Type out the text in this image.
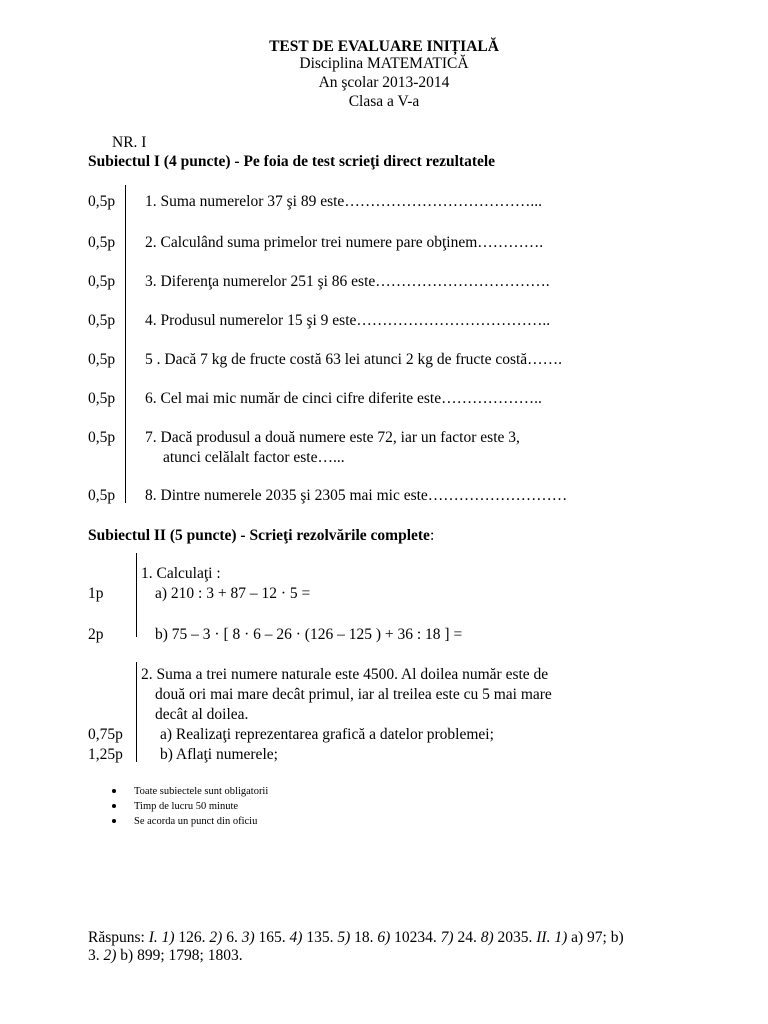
TEST DE EVALUARE INIȚIALĂ
Disciplina MATEMATICĂ
An şcolar 2013-2014
Clasa a V-a
NR. I
Subiectul I (4 puncte) - Pe foia de test scrieţi direct rezultatele
0,5p 1. Suma numerelor 37 şi 89 este………………………………...
0,5p 2. Calculând suma primelor trei numere pare obţinem………….
0,5p 3. Diferenţa numerelor 251 şi 86 este…………………………….
0,5p 4. Produsul numerelor 15 şi 9 este………………………………..
0,5p 5 . Dacă 7 kg de fructe costă 63 lei atunci 2 kg de fructe costă…….
0,5p 6. Cel mai mic număr de cinci cifre diferite este………………..
0,5p 7. Dacă produsul a două numere este 72, iar un factor este 3,
atunci celălalt factor este…...
0,5p 8. Dintre numerele 2035 şi 2305 mai mic este………………………
Subiectul II (5 puncte) - Scrieţi rezolvările complete:
1. Calculaţi :
1p	a) 210 : 3 + 87 – 12 · 5 =
2p	b) 75 – 3 · [ 8 · 6 – 26 · (126 – 125 ) + 36 : 18 ] =
2. Suma a trei numere naturale este 4500. Al doilea număr este de
două ori mai mare decât primul, iar al treilea este cu 5 mai mare
decât al doilea.
0,75p a) Realizaţi reprezentarea grafică a datelor problemei;
1,25p b) Aflaţi numerele;
Toate subiectele sunt obligatorii
Timp de lucru 50 minute
Se acorda un punct din oficiu
Răspuns: I. 1) 126. 2) 6. 3) 165. 4) 135. 5) 18. 6) 10234. 7) 24. 8) 2035. II. 1) a) 97; b)
3. 2) b) 899; 1798; 1803.
